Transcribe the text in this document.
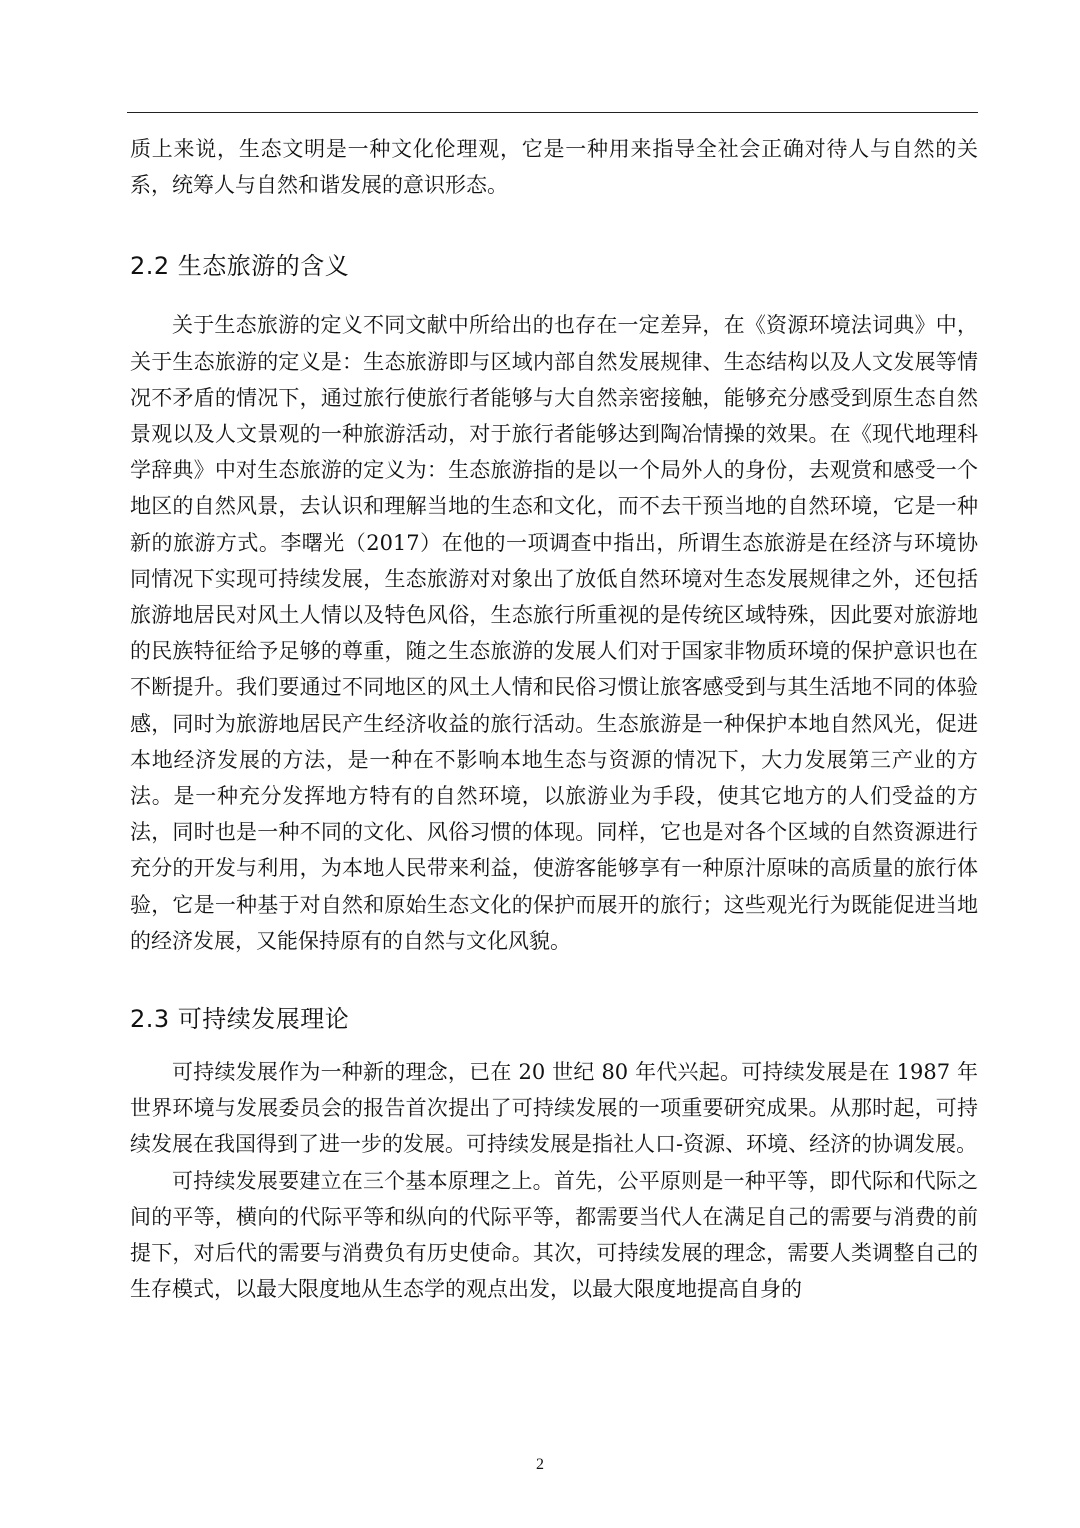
质上来说，生态文明是一种文化伦理观，它是一种用来指导全社会正确对待人与自然的关系，统筹人与自然和谐发展的意识形态。

2.2 生态旅游的含义

关于生态旅游的定义不同文献中所给出的也存在一定差异，在《资源环境法词典》中，关于生态旅游的定义是：生态旅游即与区域内部自然发展规律、生态结构以及人文发展等情况不矛盾的情况下，通过旅行使旅行者能够与大自然亲密接触，能够充分感受到原生态自然景观以及人文景观的一种旅游活动，对于旅行者能够达到陶冶情操的效果。在《现代地理科学辞典》中对生态旅游的定义为：生态旅游指的是以一个局外人的身份，去观赏和感受一个地区的自然风景，去认识和理解当地的生态和文化，而不去干预当地的自然环境，它是一种新的旅游方式。李曙光（2017）在他的一项调查中指出，所谓生态旅游是在经济与环境协同情况下实现可持续发展，生态旅游对对象出了放低自然环境对生态发展规律之外，还包括旅游地居民对风土人情以及特色风俗，生态旅行所重视的是传统区域特殊，因此要对旅游地的民族特征给予足够的尊重，随之生态旅游的发展人们对于国家非物质环境的保护意识也在不断提升。我们要通过不同地区的风土人情和民俗习惯让旅客感受到与其生活地不同的体验感，同时为旅游地居民产生经济收益的旅行活动。生态旅游是一种保护本地自然风光，促进本地经济发展的方法，是一种在不影响本地生态与资源的情况下，大力发展第三产业的方法。是一种充分发挥地方特有的自然环境，以旅游业为手段，使其它地方的人们受益的方法，同时也是一种不同的文化、风俗习惯的体现。同样，它也是对各个区域的自然资源进行充分的开发与利用，为本地人民带来利益，使游客能够享有一种原汁原味的高质量的旅行体验，它是一种基于对自然和原始生态文化的保护而展开的旅行；这些观光行为既能促进当地的经济发展，又能保持原有的自然与文化风貌。

2.3 可持续发展理论

可持续发展作为一种新的理念，已在 20 世纪 80 年代兴起。可持续发展是在 1987 年世界环境与发展委员会的报告首次提出了可持续发展的一项重要研究成果。从那时起，可持续发展在我国得到了进一步的发展。可持续发展是指社人口-资源、环境、经济的协调发展。

可持续发展要建立在三个基本原理之上。首先，公平原则是一种平等，即代际和代际之间的平等，横向的代际平等和纵向的代际平等，都需要当代人在满足自己的需要与消费的前提下，对后代的需要与消费负有历史使命。其次，可持续发展的理念，需要人类调整自己的生存模式，以最大限度地从生态学的观点出发，以最大限度地提高自身的

2
